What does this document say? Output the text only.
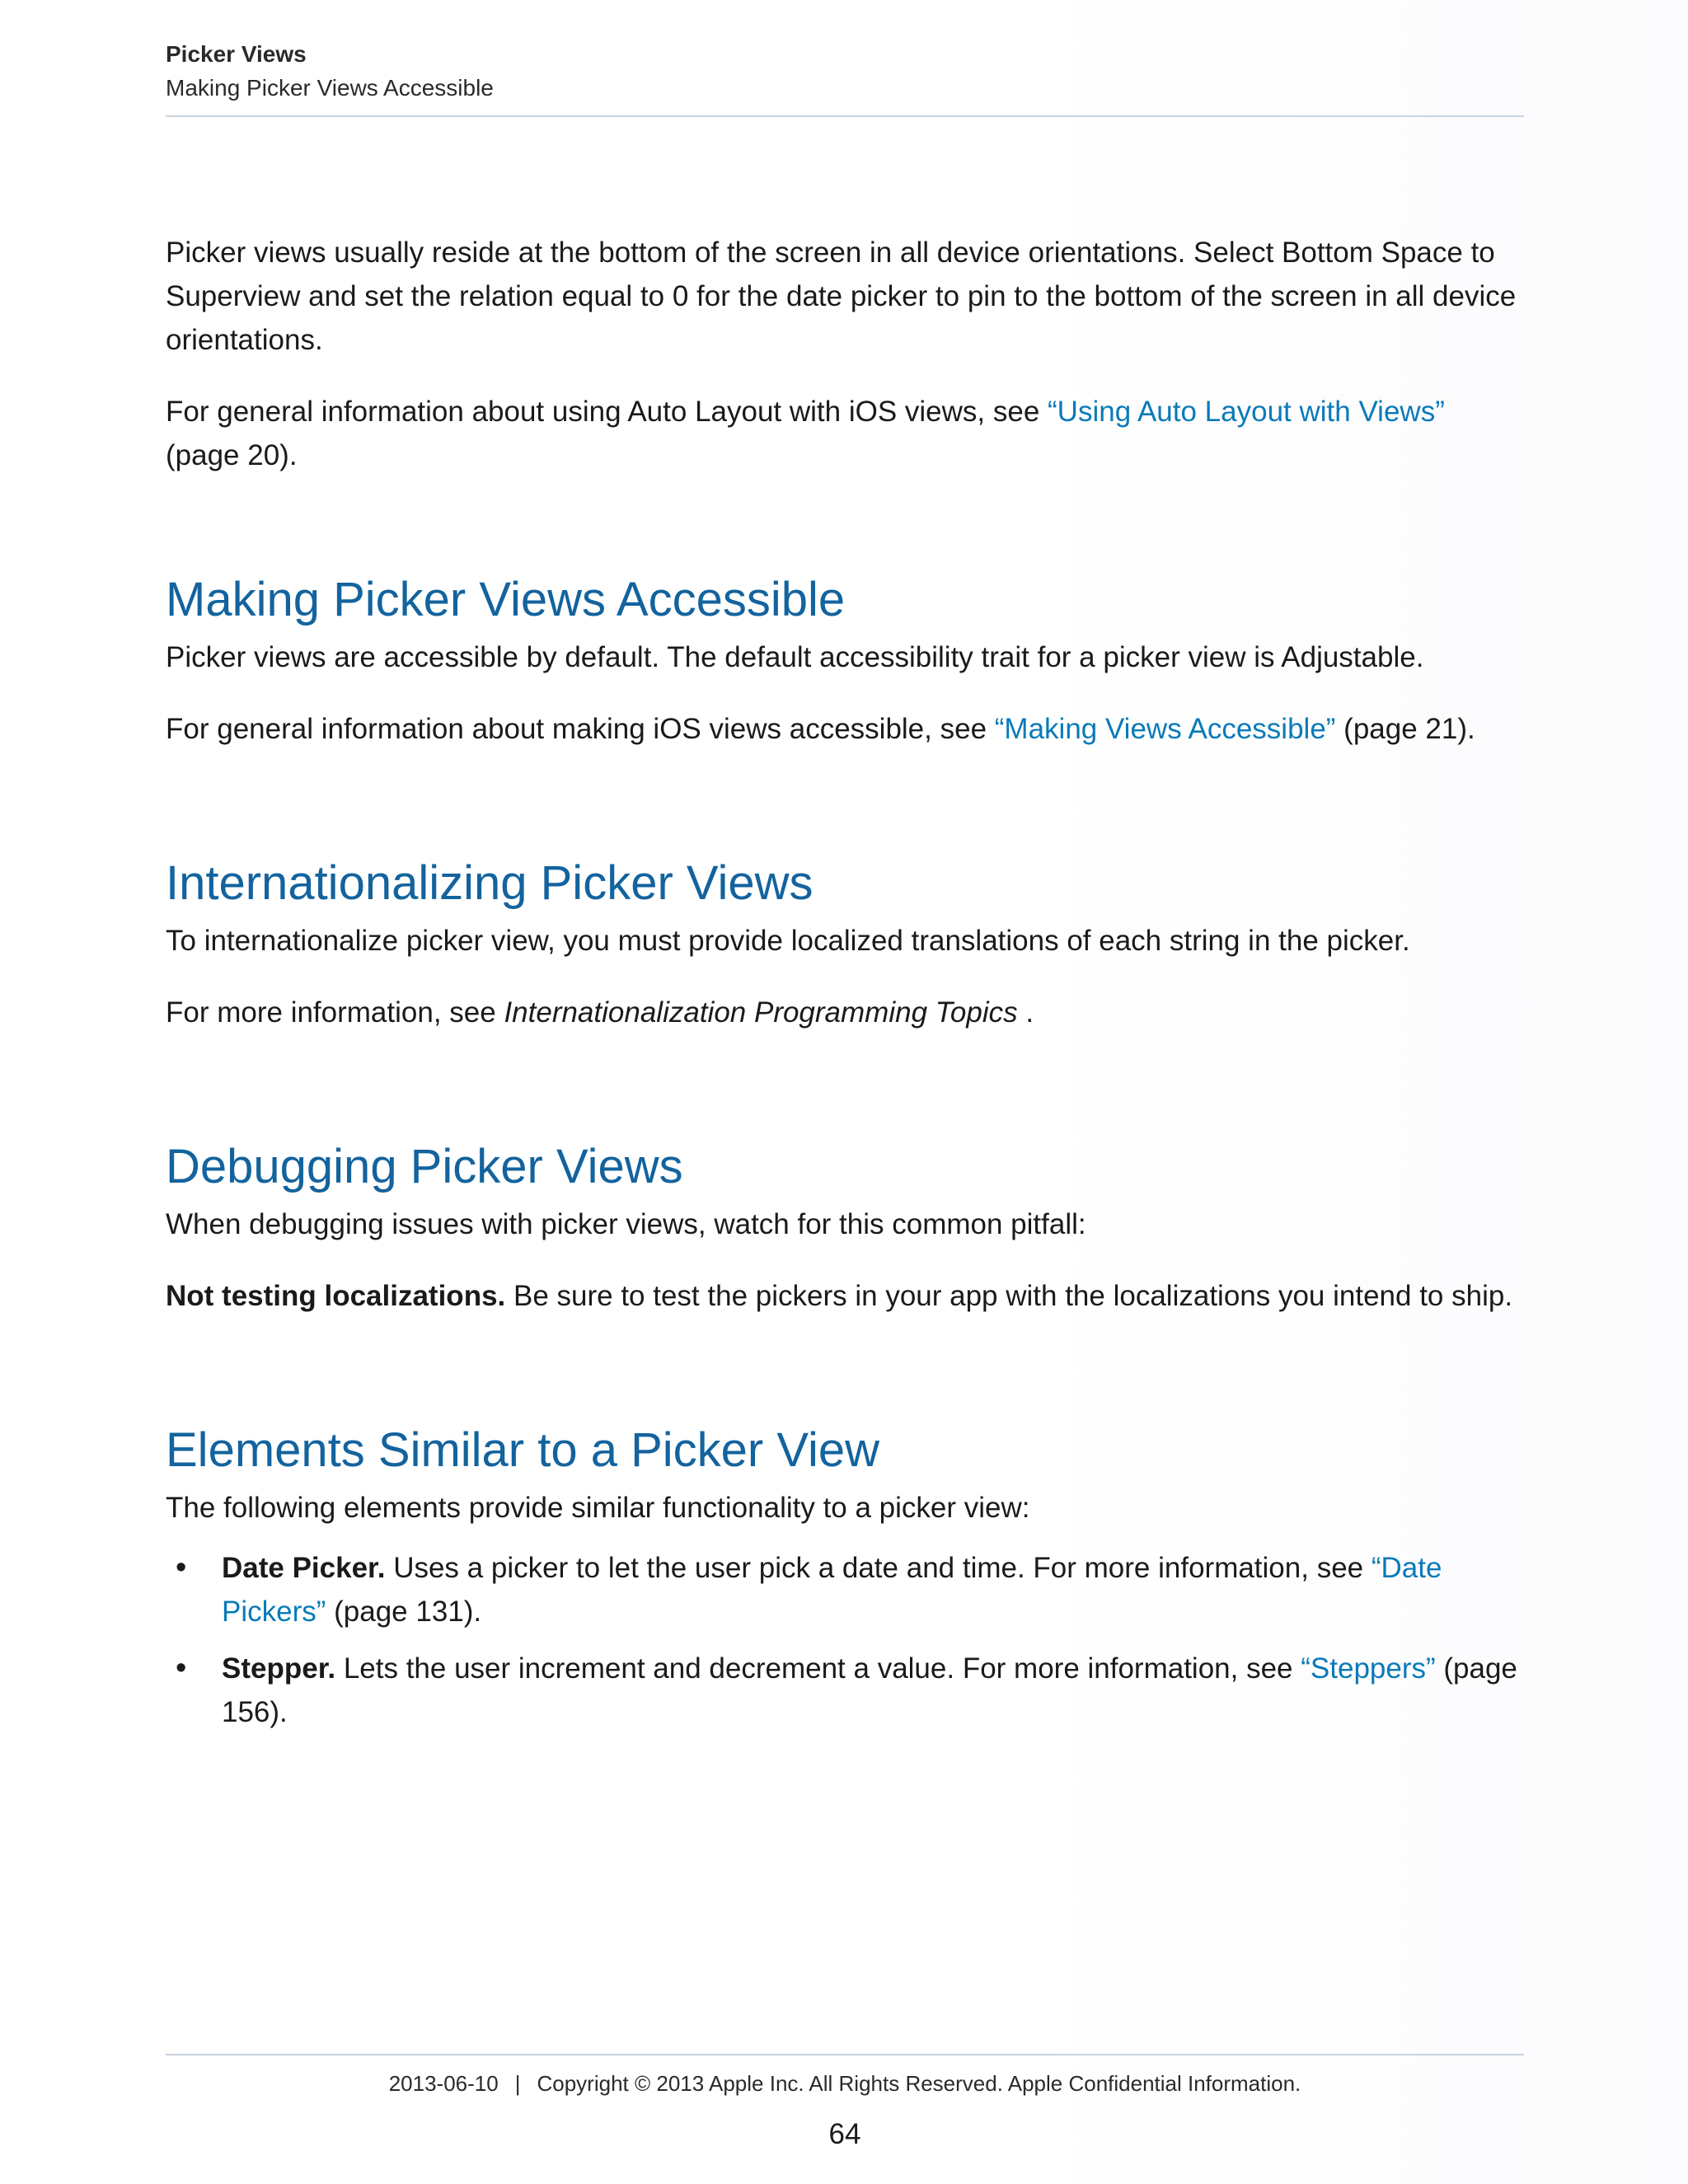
Picker Views
Making Picker Views Accessible

Picker views usually reside at the bottom of the screen in all device orientations. Select Bottom Space to Superview and set the relation equal to 0 for the date picker to pin to the bottom of the screen in all device orientations.

For general information about using Auto Layout with iOS views, see “Using Auto Layout with Views” (page 20).

Making Picker Views Accessible

Picker views are accessible by default. The default accessibility trait for a picker view is Adjustable.

For general information about making iOS views accessible, see “Making Views Accessible” (page 21).

Internationalizing Picker Views

To internationalize picker view, you must provide localized translations of each string in the picker.

For more information, see Internationalization Programming Topics .

Debugging Picker Views

When debugging issues with picker views, watch for this common pitfall:

Not testing localizations. Be sure to test the pickers in your app with the localizations you intend to ship.

Elements Similar to a Picker View

The following elements provide similar functionality to a picker view:

• Date Picker. Uses a picker to let the user pick a date and time. For more information, see “Date Pickers” (page 131).
• Stepper. Lets the user increment and decrement a value. For more information, see “Steppers” (page 156).
2013-06-10 | Copyright © 2013 Apple Inc. All Rights Reserved. Apple Confidential Information.
64
